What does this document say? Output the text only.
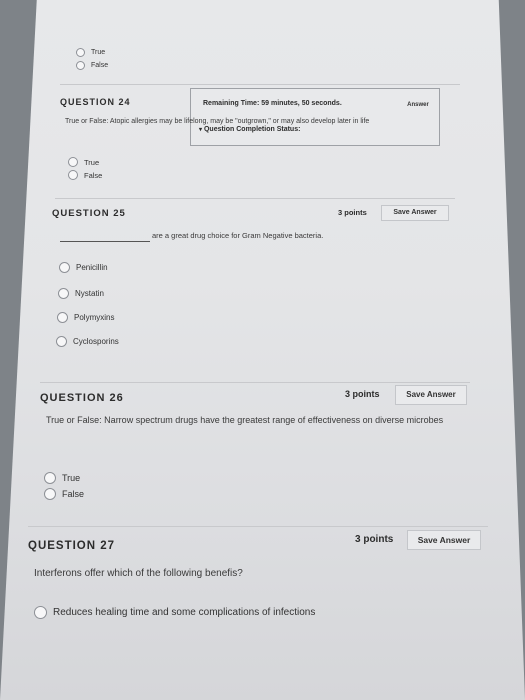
True
False
QUESTION 24	Remaining Time: 59 minutes, 50 seconds.
▾ Question Completion Status:
Answer
True or False: Atopic allergies may be lifelong, may be "outgrown," or may also develop later in life
True
False
QUESTION 25	3 points	Save Answer
are a great drug choice for Gram Negative bacteria.
Penicillin
Nystatin
Polymyxins
Cyclosporins
QUESTION 26	3 points	Save Answer
True or False: Narrow spectrum drugs have the greatest range of effectiveness on diverse microbes
True
False
QUESTION 27
3 points	Save Answer
Interferons offer which of the following benefis?
Reduces healing time and some complications of infections
